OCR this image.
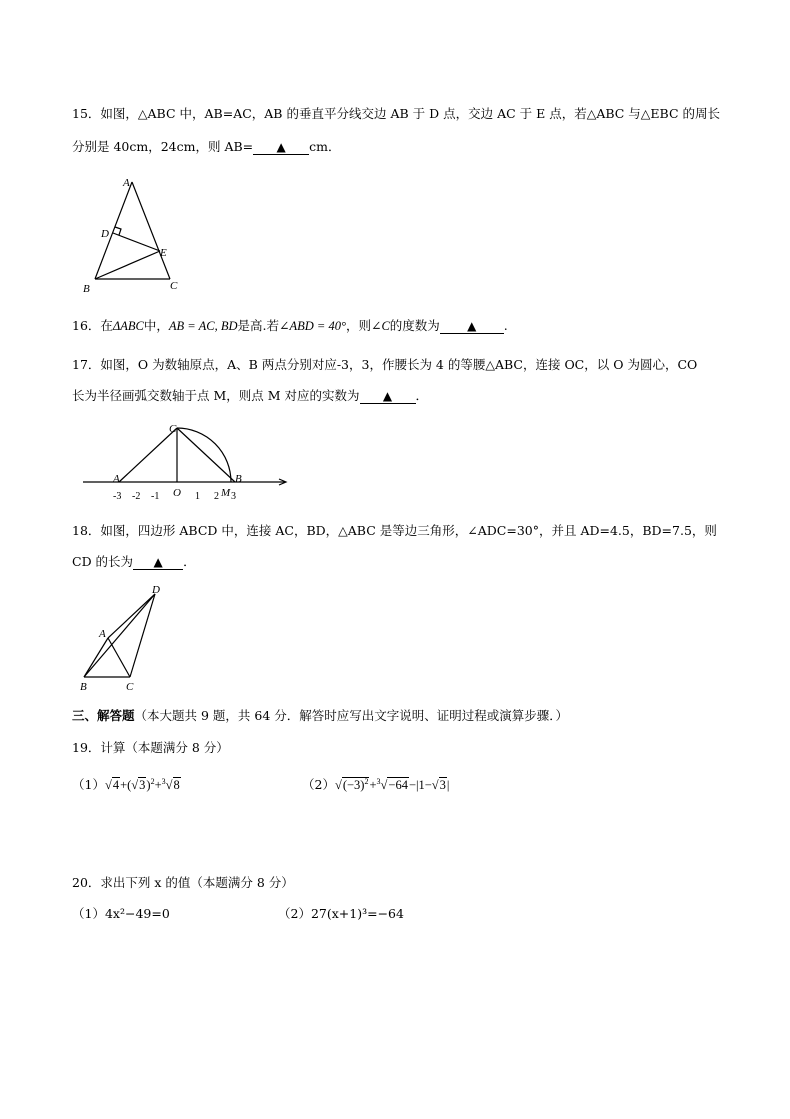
15．如图，△ABC 中，AB=AC，AB 的垂直平分线交边 AB 于 D 点，交边 AC 于 E 点，若△ABC 与△EBC 的周长
分别是 40cm，24cm，则 AB= ▲ cm．
A
D
E
B	C
16．在ΔABC中，AB = AC, BD是高.若∠ABD = 40°，则∠C的度数为 ▲ .
17．如图，O 为数轴原点，A、B 两点分别对应-3，3，作腰长为 4 的等腰△ABC，连接 OC，以 O 为圆心，CO
长为半径画弧交数轴于点 M，则点 M 对应的实数为 ▲ ．
C
A	B
O	M
-3 -2 -1	1 2 3
18．如图，四边形 ABCD 中，连接 AC，BD，△ABC 是等边三角形，∠ADC=30°，并且 AD=4.5，BD=7.5，则
CD 的长为 ▲ ．
D
A
B	C
三、解答题（本大题共 9 题，共 64 分．解答时应写出文字说明、证明过程或演算步骤．）
19．计算（本题满分 8 分）
$(1)√4+(√3)^2+^3√8$	$(2)√(-3)^2+^3√-64-|1-√3|$
20．求出下列 x 的值（本题满分 8 分）
（1）4x²−49=0	（2）27(x+1)³=−64
